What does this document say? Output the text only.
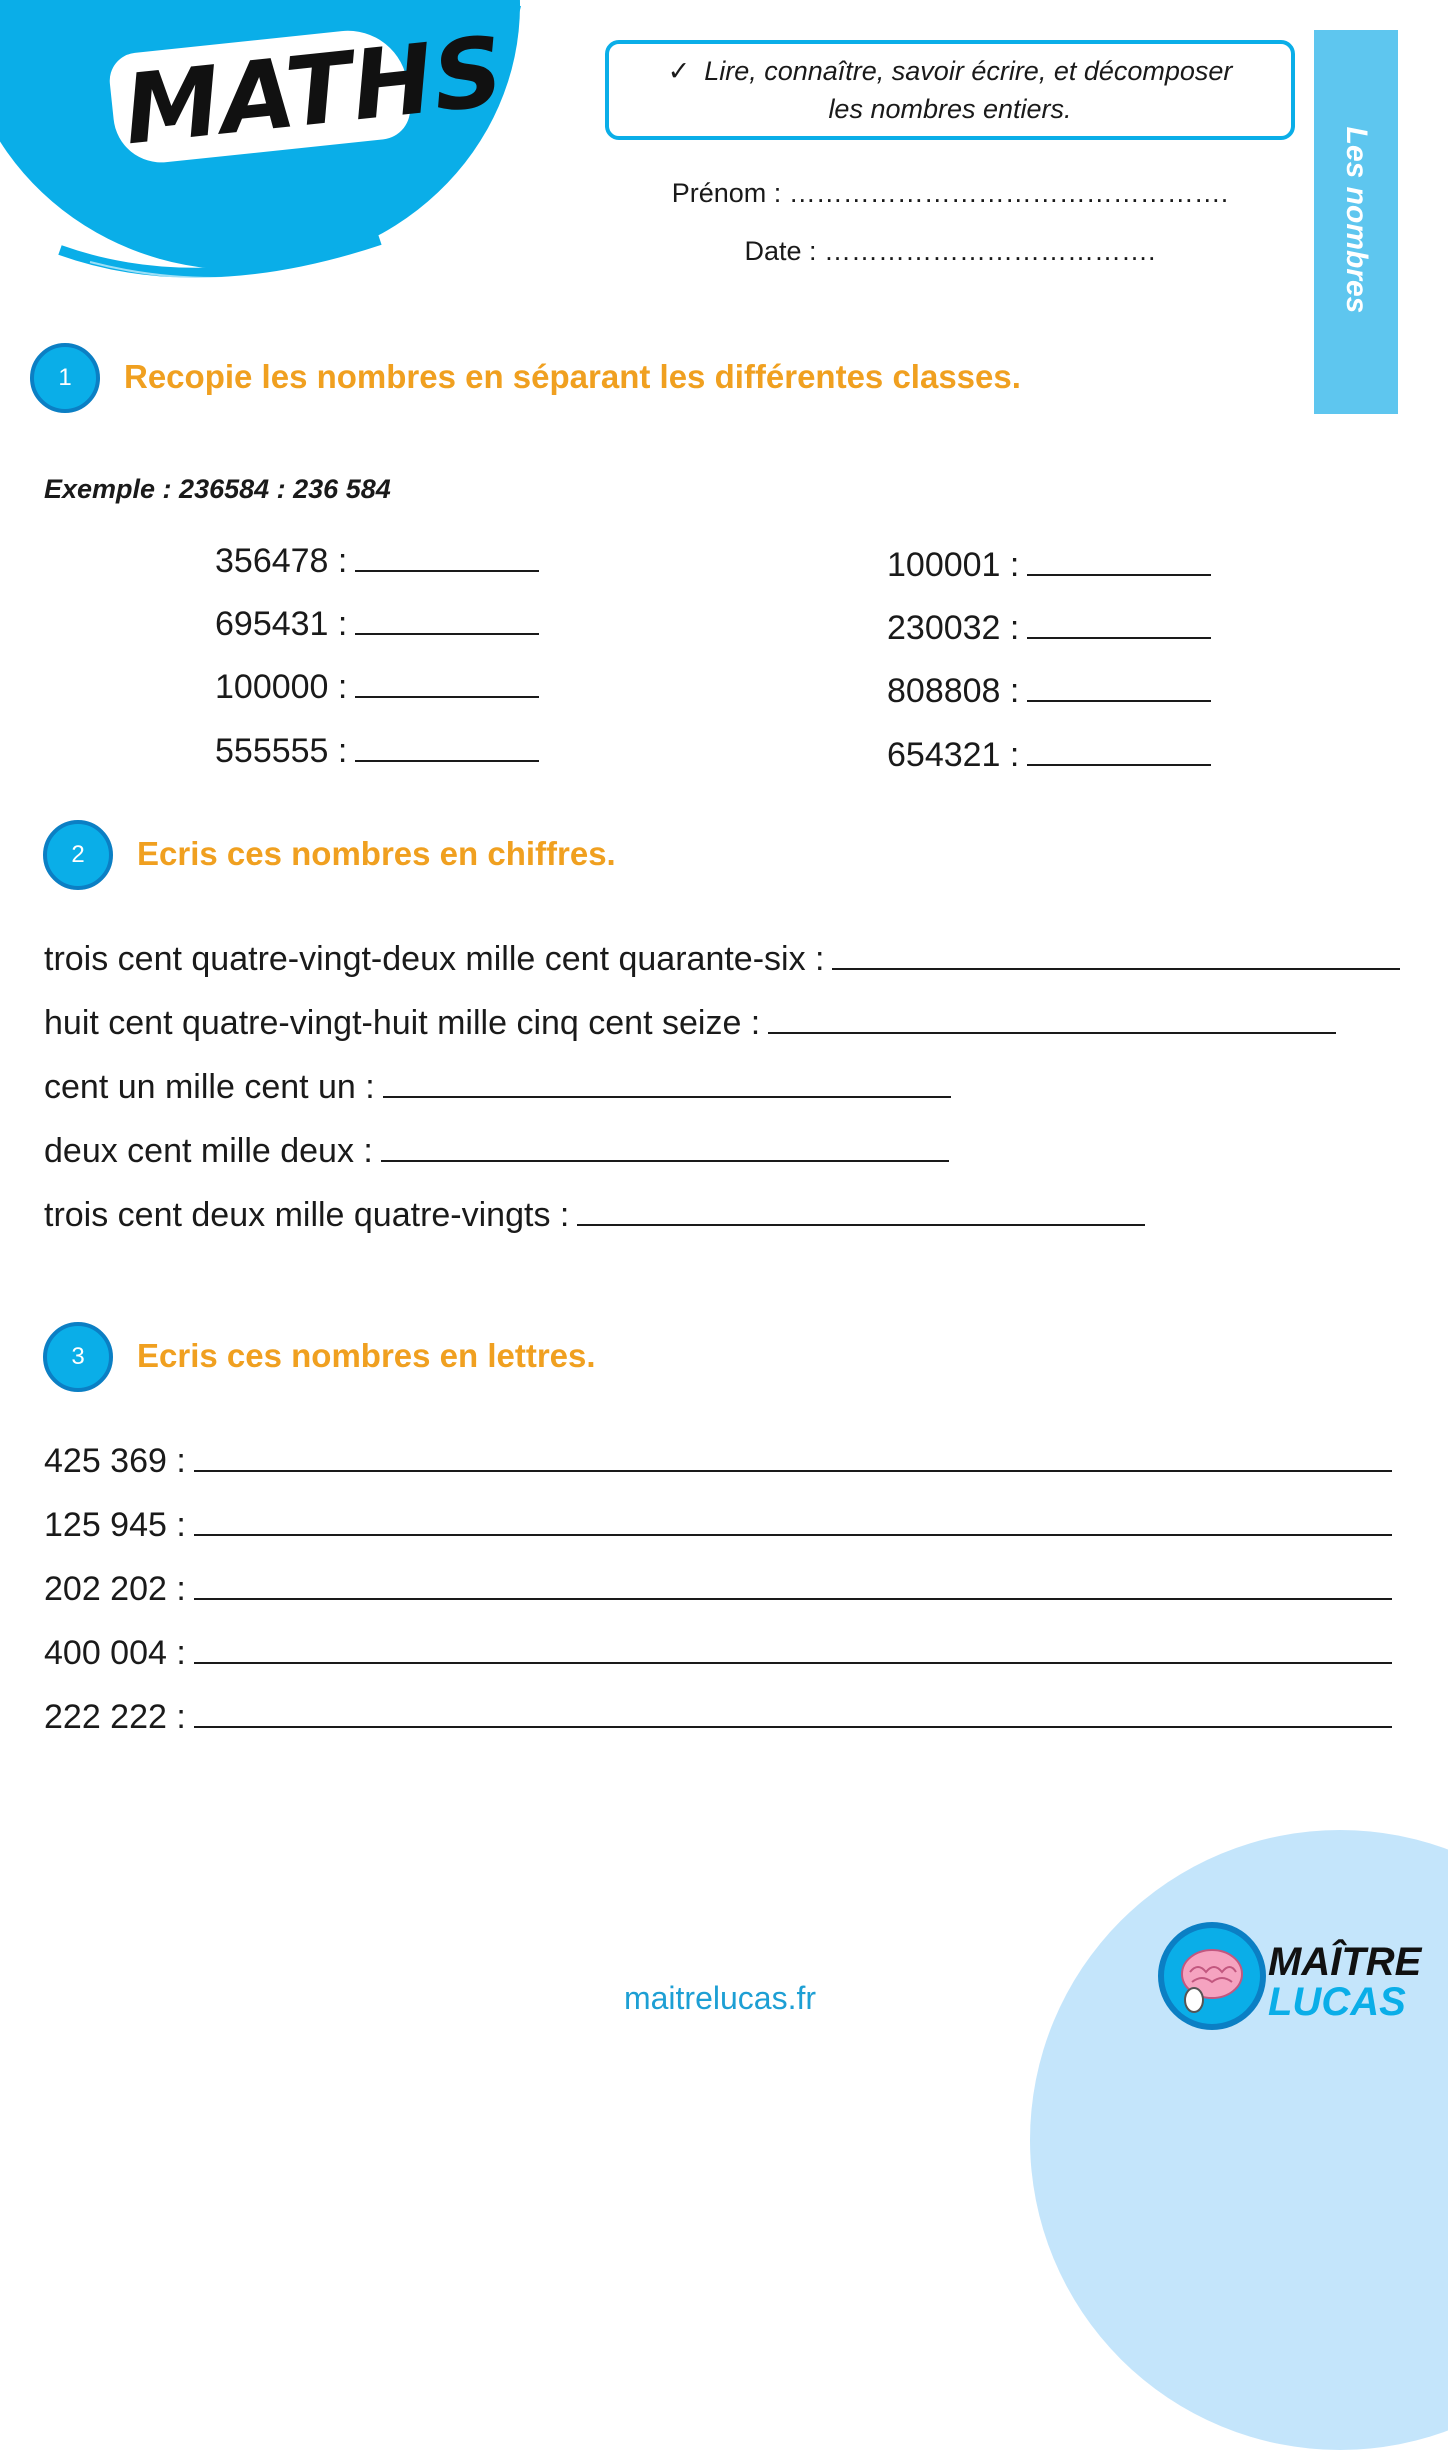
MATHS	✓ Lire, connaître, savoir écrire, et décomposer
les nombres entiers.
Prénom : ………………………………………….
Date : ……………………………….	Les nombres
1	Recopie les nombres en séparant les différentes classes.
Exemple : 236584 : 236 584
356478 :
695431 :
100000 :
555555 :
100001 :
230032 :
808808 :
654321 :
2	Ecris ces nombres en chiffres.
trois cent quatre-vingt-deux mille cent quarante-six :
huit cent quatre-vingt-huit mille cinq cent seize :
cent un mille cent un :
deux cent mille deux :
trois cent deux mille quatre-vingts :
3	Ecris ces nombres en lettres.
425 369 :
125 945 :
202 202 :
400 004 :
222 222 :
MAÎTRE
LUCAS
maitrelucas.fr
